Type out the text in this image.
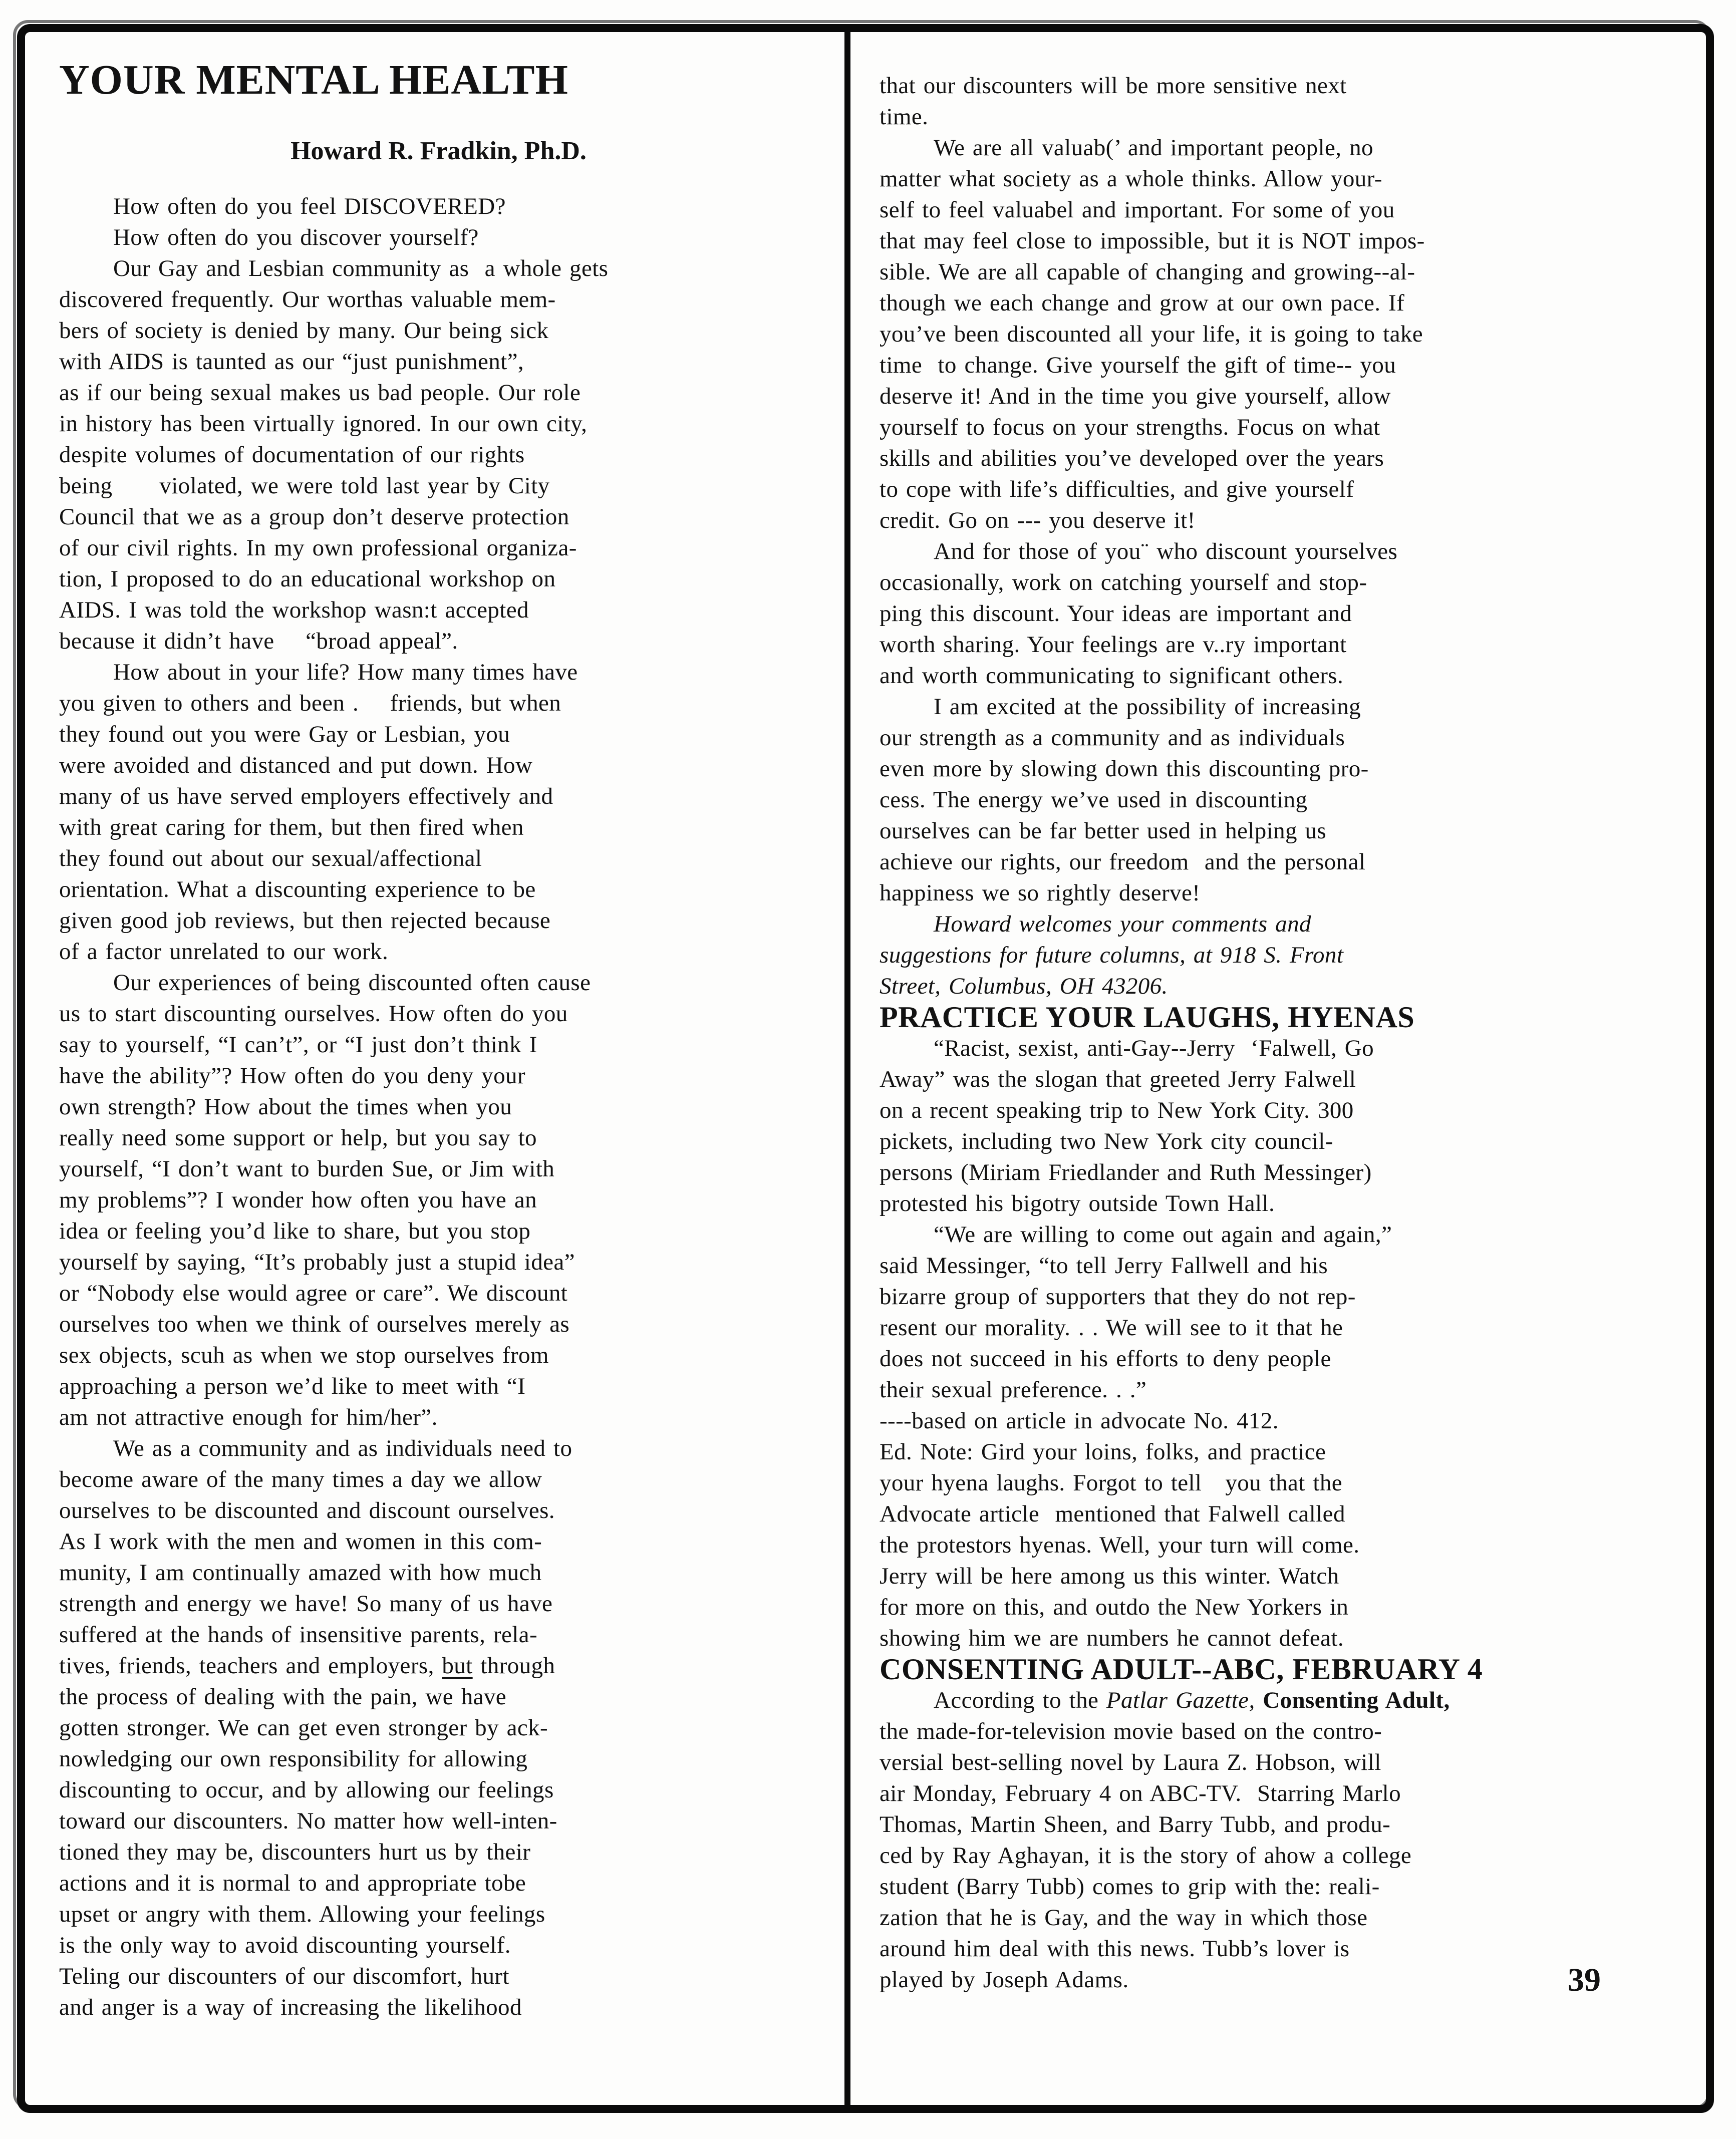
YOUR MENTAL HEALTH
Howard R. Fradkin, Ph.D.
How often do you feel DISCOVERED?
How often do you discover yourself?
Our Gay and Lesbian community as  a whole gets
discovered frequently. Our worthas valuable mem-
bers of society is denied by many. Our being sick
with AIDS is taunted as our “just punishment”,
as if our being sexual makes us bad people. Our role
in history has been virtually ignored. In our own city,
despite volumes of documentation of our rights
being      violated, we were told last year by City
Council that we as a group don’t deserve protection
of our civil rights. In my own professional organiza-
tion, I proposed to do an educational workshop on
AIDS. I was told the workshop wasn:t accepted
because it didn’t have    “broad appeal”.
How about in your life? How many times have
you given to others and been .    friends, but when
they found out you were Gay or Lesbian, you
were avoided and distanced and put down. How
many of us have served employers effectively and
with great caring for them, but then fired when
they found out about our sexual/affectional
orientation. What a discounting experience to be
given good job reviews, but then rejected because
of a factor unrelated to our work.
Our experiences of being discounted often cause
us to start discounting ourselves. How often do you
say to yourself, “I can’t”, or “I just don’t think I
have the ability”? How often do you deny your
own strength? How about the times when you
really need some support or help, but you say to
yourself, “I don’t want to burden Sue, or Jim with
my problems”? I wonder how often you have an
idea or feeling you’d like to share, but you stop
yourself by saying, “It’s probably just a stupid idea”
or “Nobody else would agree or care”. We discount
ourselves too when we think of ourselves merely as
sex objects, scuh as when we stop ourselves from
approaching a person we’d like to meet with “I
am not attractive enough for him/her”.
We as a community and as individuals need to
become aware of the many times a day we allow
ourselves to be discounted and discount ourselves.
As I work with the men and women in this com-
munity, I am continually amazed with how much
strength and energy we have! So many of us have
suffered at the hands of insensitive parents, rela-
tives, friends, teachers and employers, but through
the process of dealing with the pain, we have
gotten stronger. We can get even stronger by ack-
nowledging our own responsibility for allowing
discounting to occur, and by allowing our feelings
toward our discounters. No matter how well-inten-
tioned they may be, discounters hurt us by their
actions and it is normal to and appropriate tobe
upset or angry with them. Allowing your feelings
is the only way to avoid discounting yourself.
Teling our discounters of our discomfort, hurt
and anger is a way of increasing the likelihood
that our discounters will be more sensitive next
time.
We are all valuab(’ and important people, no
matter what society as a whole thinks. Allow your-
self to feel valuabel and important. For some of you
that may feel close to impossible, but it is NOT impos-
sible. We are all capable of changing and growing--al-
though we each change and grow at our own pace. If
you’ve been discounted all your life, it is going to take
time  to change. Give yourself the gift of time-- you
deserve it! And in the time you give yourself, allow
yourself to focus on your strengths. Focus on what
skills and abilities you’ve developed over the years
to cope with life’s difficulties, and give yourself
credit. Go on --- you deserve it!
And for those of you¨ who discount yourselves
occasionally, work on catching yourself and stop-
ping this discount. Your ideas are important and
worth sharing. Your feelings are v..ry important
and worth communicating to significant others.
I am excited at the possibility of increasing
our strength as a community and as individuals
even more by slowing down this discounting pro-
cess. The energy we’ve used in discounting
ourselves can be far better used in helping us
achieve our rights, our freedom  and the personal
happiness we so rightly deserve!
Howard welcomes your comments and
suggestions for future columns, at 918 S. Front
Street, Columbus, OH 43206.
PRACTICE YOUR LAUGHS, HYENAS
“Racist, sexist, anti-Gay--Jerry  ‘Falwell, Go
Away” was the slogan that greeted Jerry Falwell
on a recent speaking trip to New York City. 300
pickets, including two New York city council-
persons (Miriam Friedlander and Ruth Messinger)
protested his bigotry outside Town Hall.
“We are willing to come out again and again,”
said Messinger, “to tell Jerry Fallwell and his
bizarre group of supporters that they do not rep-
resent our morality. . . We will see to it that he
does not succeed in his efforts to deny people
their sexual preference. . .”
----based on article in advocate No. 412.
Ed. Note: Gird your loins, folks, and practice
your hyena laughs. Forgot to tell   you that the
Advocate article  mentioned that Falwell called
the protestors hyenas. Well, your turn will come.
Jerry will be here among us this winter. Watch
for more on this, and outdo the New Yorkers in
showing him we are numbers he cannot defeat.
CONSENTING ADULT--ABC, FEBRUARY 4
According to the Patlar Gazette, Consenting Adult,
the made-for-television movie based on the contro-
versial best-selling novel by Laura Z. Hobson, will
air Monday, February 4 on ABC-TV.  Starring Marlo
Thomas, Martin Sheen, and Barry Tubb, and produ-
ced by Ray Aghayan, it is the story of ahow a college
student (Barry Tubb) comes to grip with the: reali-
zation that he is Gay, and the way in which those
around him deal with this news. Tubb’s lover is
played by Joseph Adams.	39
